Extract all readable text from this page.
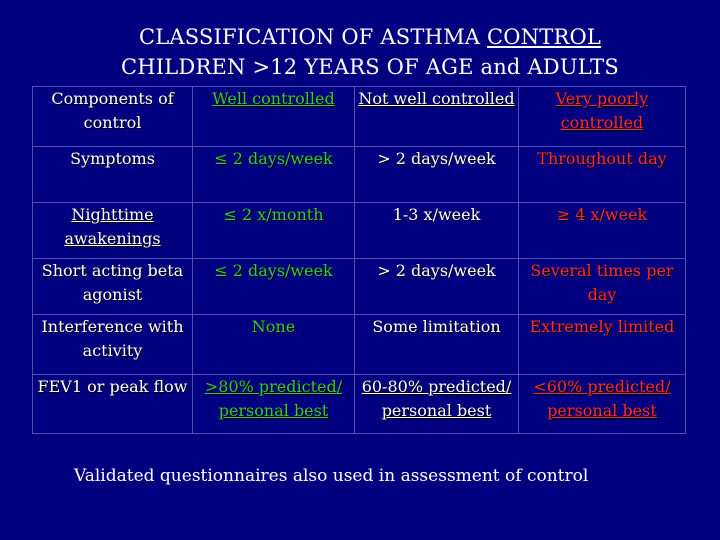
CLASSIFICATION OF ASTHMA CONTROL
CHILDREN >12 YEARS OF AGE and ADULTS
Components of control	Well controlled	Not well controlled	Very poorly controlled
Symptoms	≤ 2 days/week	> 2 days/week	Throughout day
Nighttime awakenings	≤ 2 x/month	1-3 x/week	≥ 4 x/week
Short acting beta agonist	≤ 2 days/week	> 2 days/week	Several times per day
Interference with activity	None	Some limitation	Extremely limited
FEV1 or peak flow	>80% predicted/ personal best	60-80% predicted/ personal best	<60% predicted/ personal best
Validated questionnaires also used in assessment of control
